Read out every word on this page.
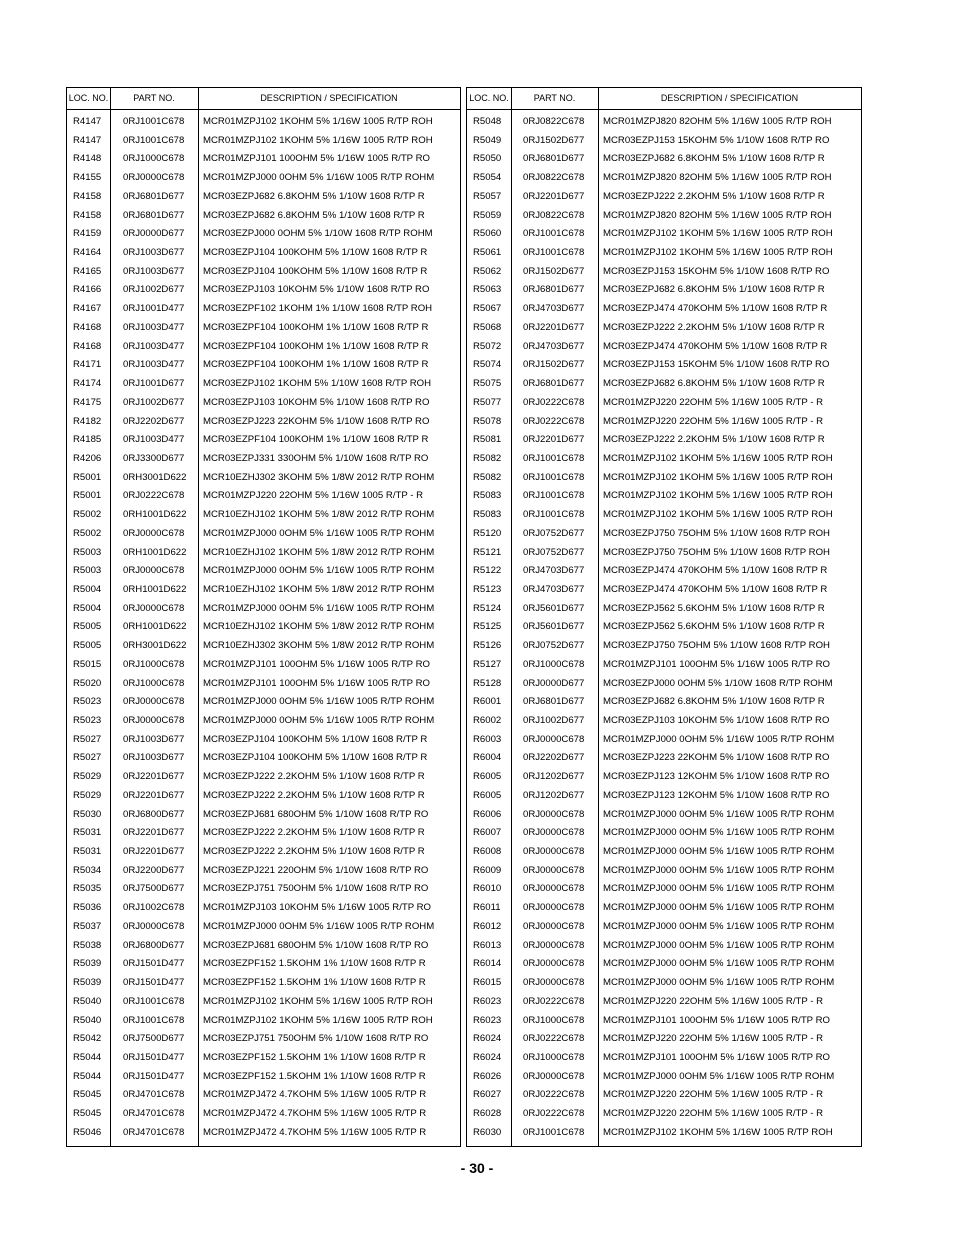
LOC. NO.	PART NO.	DESCRIPTION / SPECIFICATION
R4147 0RJ1001C678 MCR01MZPJ102 1KOHM 5% 1/16W 1005 R/TP ROH
R4147 0RJ1001C678 MCR01MZPJ102 1KOHM 5% 1/16W 1005 R/TP ROH
R4148 0RJ1000C678 MCR01MZPJ101 100OHM 5% 1/16W 1005 R/TP RO
R4155 0RJ0000C678 MCR01MZPJ000 0OHM 5% 1/16W 1005 R/TP ROHM
R4158 0RJ6801D677 MCR03EZPJ682 6.8KOHM 5% 1/10W 1608 R/TP R
R4158 0RJ6801D677 MCR03EZPJ682 6.8KOHM 5% 1/10W 1608 R/TP R
R4159 0RJ0000D677 MCR03EZPJ000 0OHM 5% 1/10W 1608 R/TP ROHM
R4164 0RJ1003D677 MCR03EZPJ104 100KOHM 5% 1/10W 1608 R/TP R
R4165 0RJ1003D677 MCR03EZPJ104 100KOHM 5% 1/10W 1608 R/TP R
R4166 0RJ1002D677 MCR03EZPJ103 10KOHM 5% 1/10W 1608 R/TP RO
R4167 0RJ1001D477 MCR03EZPF102 1KOHM 1% 1/10W 1608 R/TP ROH
R4168 0RJ1003D477 MCR03EZPF104 100KOHM 1% 1/10W 1608 R/TP R
R4168 0RJ1003D477 MCR03EZPF104 100KOHM 1% 1/10W 1608 R/TP R
R4171 0RJ1003D477 MCR03EZPF104 100KOHM 1% 1/10W 1608 R/TP R
R4174 0RJ1001D677 MCR03EZPJ102 1KOHM 5% 1/10W 1608 R/TP ROH
R4175 0RJ1002D677 MCR03EZPJ103 10KOHM 5% 1/10W 1608 R/TP RO
R4182 0RJ2202D677 MCR03EZPJ223 22KOHM 5% 1/10W 1608 R/TP RO
R4185 0RJ1003D477 MCR03EZPF104 100KOHM 1% 1/10W 1608 R/TP R
R4206 0RJ3300D677 MCR03EZPJ331 330OHM 5% 1/10W 1608 R/TP RO
R5001 0RH3001D622 MCR10EZHJ302 3KOHM 5% 1/8W 2012 R/TP ROHM
R5001 0RJ0222C678 MCR01MZPJ220 22OHM 5% 1/16W 1005 R/TP - R
R5002 0RH1001D622 MCR10EZHJ102 1KOHM 5% 1/8W 2012 R/TP ROHM
R5002 0RJ0000C678 MCR01MZPJ000 0OHM 5% 1/16W 1005 R/TP ROHM
R5003 0RH1001D622 MCR10EZHJ102 1KOHM 5% 1/8W 2012 R/TP ROHM
R5003 0RJ0000C678 MCR01MZPJ000 0OHM 5% 1/16W 1005 R/TP ROHM
R5004 0RH1001D622 MCR10EZHJ102 1KOHM 5% 1/8W 2012 R/TP ROHM
R5004 0RJ0000C678 MCR01MZPJ000 0OHM 5% 1/16W 1005 R/TP ROHM
R5005 0RH1001D622 MCR10EZHJ102 1KOHM 5% 1/8W 2012 R/TP ROHM
R5005 0RH3001D622 MCR10EZHJ302 3KOHM 5% 1/8W 2012 R/TP ROHM
R5015 0RJ1000C678 MCR01MZPJ101 100OHM 5% 1/16W 1005 R/TP RO
R5020 0RJ1000C678 MCR01MZPJ101 100OHM 5% 1/16W 1005 R/TP RO
R5023 0RJ0000C678 MCR01MZPJ000 0OHM 5% 1/16W 1005 R/TP ROHM
R5023 0RJ0000C678 MCR01MZPJ000 0OHM 5% 1/16W 1005 R/TP ROHM
R5027 0RJ1003D677 MCR03EZPJ104 100KOHM 5% 1/10W 1608 R/TP R
R5027 0RJ1003D677 MCR03EZPJ104 100KOHM 5% 1/10W 1608 R/TP R
R5029 0RJ2201D677 MCR03EZPJ222 2.2KOHM 5% 1/10W 1608 R/TP R
R5029 0RJ2201D677 MCR03EZPJ222 2.2KOHM 5% 1/10W 1608 R/TP R
R5030 0RJ6800D677 MCR03EZPJ681 680OHM 5% 1/10W 1608 R/TP RO
R5031 0RJ2201D677 MCR03EZPJ222 2.2KOHM 5% 1/10W 1608 R/TP R
R5031 0RJ2201D677 MCR03EZPJ222 2.2KOHM 5% 1/10W 1608 R/TP R
R5034 0RJ2200D677 MCR03EZPJ221 220OHM 5% 1/10W 1608 R/TP RO
R5035 0RJ7500D677 MCR03EZPJ751 750OHM 5% 1/10W 1608 R/TP RO
R5036 0RJ1002C678 MCR01MZPJ103 10KOHM 5% 1/16W 1005 R/TP RO
R5037 0RJ0000C678 MCR01MZPJ000 0OHM 5% 1/16W 1005 R/TP ROHM
R5038 0RJ6800D677 MCR03EZPJ681 680OHM 5% 1/10W 1608 R/TP RO
R5039 0RJ1501D477 MCR03EZPF152 1.5KOHM 1% 1/10W 1608 R/TP R
R5039 0RJ1501D477 MCR03EZPF152 1.5KOHM 1% 1/10W 1608 R/TP R
R5040 0RJ1001C678 MCR01MZPJ102 1KOHM 5% 1/16W 1005 R/TP ROH
R5040 0RJ1001C678 MCR01MZPJ102 1KOHM 5% 1/16W 1005 R/TP ROH
R5042 0RJ7500D677 MCR03EZPJ751 750OHM 5% 1/10W 1608 R/TP RO
R5044 0RJ1501D477 MCR03EZPF152 1.5KOHM 1% 1/10W 1608 R/TP R
R5044 0RJ1501D477 MCR03EZPF152 1.5KOHM 1% 1/10W 1608 R/TP R
R5045 0RJ4701C678 MCR01MZPJ472 4.7KOHM 5% 1/16W 1005 R/TP R
R5045 0RJ4701C678 MCR01MZPJ472 4.7KOHM 5% 1/16W 1005 R/TP R
R5046 0RJ4701C678 MCR01MZPJ472 4.7KOHM 5% 1/16W 1005 R/TP R
LOC. NO.	PART NO.	DESCRIPTION / SPECIFICATION
R5048 0RJ0822C678 MCR01MZPJ820 82OHM 5% 1/16W 1005 R/TP ROH
R5049 0RJ1502D677 MCR03EZPJ153 15KOHM 5% 1/10W 1608 R/TP RO
R5050 0RJ6801D677 MCR03EZPJ682 6.8KOHM 5% 1/10W 1608 R/TP R
R5054 0RJ0822C678 MCR01MZPJ820 82OHM 5% 1/16W 1005 R/TP ROH
R5057 0RJ2201D677 MCR03EZPJ222 2.2KOHM 5% 1/10W 1608 R/TP R
R5059 0RJ0822C678 MCR01MZPJ820 82OHM 5% 1/16W 1005 R/TP ROH
R5060 0RJ1001C678 MCR01MZPJ102 1KOHM 5% 1/16W 1005 R/TP ROH
R5061 0RJ1001C678 MCR01MZPJ102 1KOHM 5% 1/16W 1005 R/TP ROH
R5062 0RJ1502D677 MCR03EZPJ153 15KOHM 5% 1/10W 1608 R/TP RO
R5063 0RJ6801D677 MCR03EZPJ682 6.8KOHM 5% 1/10W 1608 R/TP R
R5067 0RJ4703D677 MCR03EZPJ474 470KOHM 5% 1/10W 1608 R/TP R
R5068 0RJ2201D677 MCR03EZPJ222 2.2KOHM 5% 1/10W 1608 R/TP R
R5072 0RJ4703D677 MCR03EZPJ474 470KOHM 5% 1/10W 1608 R/TP R
R5074 0RJ1502D677 MCR03EZPJ153 15KOHM 5% 1/10W 1608 R/TP RO
R5075 0RJ6801D677 MCR03EZPJ682 6.8KOHM 5% 1/10W 1608 R/TP R
R5077 0RJ0222C678 MCR01MZPJ220 22OHM 5% 1/16W 1005 R/TP - R
R5078 0RJ0222C678 MCR01MZPJ220 22OHM 5% 1/16W 1005 R/TP - R
R5081 0RJ2201D677 MCR03EZPJ222 2.2KOHM 5% 1/10W 1608 R/TP R
R5082 0RJ1001C678 MCR01MZPJ102 1KOHM 5% 1/16W 1005 R/TP ROH
R5082 0RJ1001C678 MCR01MZPJ102 1KOHM 5% 1/16W 1005 R/TP ROH
R5083 0RJ1001C678 MCR01MZPJ102 1KOHM 5% 1/16W 1005 R/TP ROH
R5083 0RJ1001C678 MCR01MZPJ102 1KOHM 5% 1/16W 1005 R/TP ROH
R5120 0RJ0752D677 MCR03EZPJ750 75OHM 5% 1/10W 1608 R/TP ROH
R5121 0RJ0752D677 MCR03EZPJ750 75OHM 5% 1/10W 1608 R/TP ROH
R5122 0RJ4703D677 MCR03EZPJ474 470KOHM 5% 1/10W 1608 R/TP R
R5123 0RJ4703D677 MCR03EZPJ474 470KOHM 5% 1/10W 1608 R/TP R
R5124 0RJ5601D677 MCR03EZPJ562 5.6KOHM 5% 1/10W 1608 R/TP R
R5125 0RJ5601D677 MCR03EZPJ562 5.6KOHM 5% 1/10W 1608 R/TP R
R5126 0RJ0752D677 MCR03EZPJ750 75OHM 5% 1/10W 1608 R/TP ROH
R5127 0RJ1000C678 MCR01MZPJ101 100OHM 5% 1/16W 1005 R/TP RO
R5128 0RJ0000D677 MCR03EZPJ000 0OHM 5% 1/10W 1608 R/TP ROHM
R6001 0RJ6801D677 MCR03EZPJ682 6.8KOHM 5% 1/10W 1608 R/TP R
R6002 0RJ1002D677 MCR03EZPJ103 10KOHM 5% 1/10W 1608 R/TP RO
R6003 0RJ0000C678 MCR01MZPJ000 0OHM 5% 1/16W 1005 R/TP ROHM
R6004 0RJ2202D677 MCR03EZPJ223 22KOHM 5% 1/10W 1608 R/TP RO
R6005 0RJ1202D677 MCR03EZPJ123 12KOHM 5% 1/10W 1608 R/TP RO
R6005 0RJ1202D677 MCR03EZPJ123 12KOHM 5% 1/10W 1608 R/TP RO
R6006 0RJ0000C678 MCR01MZPJ000 0OHM 5% 1/16W 1005 R/TP ROHM
R6007 0RJ0000C678 MCR01MZPJ000 0OHM 5% 1/16W 1005 R/TP ROHM
R6008 0RJ0000C678 MCR01MZPJ000 0OHM 5% 1/16W 1005 R/TP ROHM
R6009 0RJ0000C678 MCR01MZPJ000 0OHM 5% 1/16W 1005 R/TP ROHM
R6010 0RJ0000C678 MCR01MZPJ000 0OHM 5% 1/16W 1005 R/TP ROHM
R6011 0RJ0000C678 MCR01MZPJ000 0OHM 5% 1/16W 1005 R/TP ROHM
R6012 0RJ0000C678 MCR01MZPJ000 0OHM 5% 1/16W 1005 R/TP ROHM
R6013 0RJ0000C678 MCR01MZPJ000 0OHM 5% 1/16W 1005 R/TP ROHM
R6014 0RJ0000C678 MCR01MZPJ000 0OHM 5% 1/16W 1005 R/TP ROHM
R6015 0RJ0000C678 MCR01MZPJ000 0OHM 5% 1/16W 1005 R/TP ROHM
R6023 0RJ0222C678 MCR01MZPJ220 22OHM 5% 1/16W 1005 R/TP - R
R6023 0RJ1000C678 MCR01MZPJ101 100OHM 5% 1/16W 1005 R/TP RO
R6024 0RJ0222C678 MCR01MZPJ220 22OHM 5% 1/16W 1005 R/TP - R
R6024 0RJ1000C678 MCR01MZPJ101 100OHM 5% 1/16W 1005 R/TP RO
R6026 0RJ0000C678 MCR01MZPJ000 0OHM 5% 1/16W 1005 R/TP ROHM
R6027 0RJ0222C678 MCR01MZPJ220 22OHM 5% 1/16W 1005 R/TP - R
R6028 0RJ0222C678 MCR01MZPJ220 22OHM 5% 1/16W 1005 R/TP - R
R6030 0RJ1001C678 MCR01MZPJ102 1KOHM 5% 1/16W 1005 R/TP ROH
- 30 -
